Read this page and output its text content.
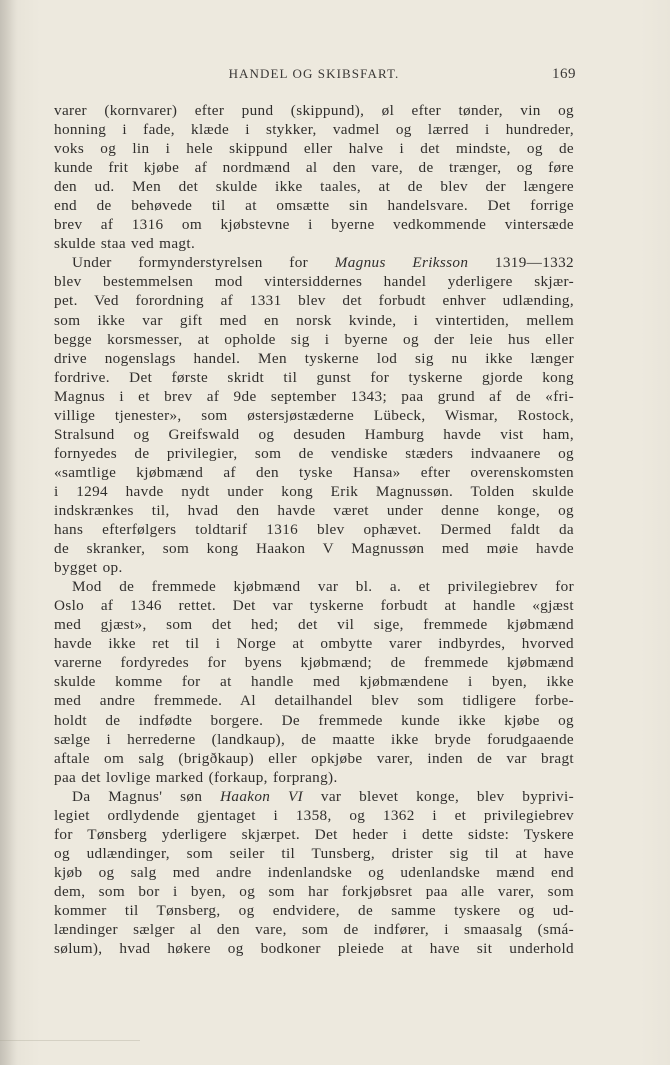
HANDEL OG SKIBSFART.	169
varer (kornvarer) efter pund (skippund), øl efter tønder, vin og
honning i fade, klæde i stykker, vadmel og lærred i hundreder,
voks og lin i hele skippund eller halve i det mindste, og de
kunde frit kjøbe af nordmænd al den vare, de trænger, og føre
den ud. Men det skulde ikke taales, at de blev der længere
end de behøvede til at omsætte sin handelsvare. Det forrige
brev af 1316 om kjøbstevne i byerne vedkommende vintersæde
skulde staa ved magt.
Under formynderstyrelsen for Magnus Eriksson 1319—1332
blev bestemmelsen mod vintersiddernes handel yderligere skjær-
pet. Ved forordning af 1331 blev det forbudt enhver udlænding,
som ikke var gift med en norsk kvinde, i vintertiden, mellem
begge korsmesser, at opholde sig i byerne og der leie hus eller
drive nogenslags handel. Men tyskerne lod sig nu ikke længer
fordrive. Det første skridt til gunst for tyskerne gjorde kong
Magnus i et brev af 9de september 1343; paa grund af de «fri-
villige tjenester», som østersjøstæderne Lübeck, Wismar, Rostock,
Stralsund og Greifswald og desuden Hamburg havde vist ham,
fornyedes de privilegier, som de vendiske stæders indvaanere og
«samtlige kjøbmænd af den tyske Hansa» efter overenskomsten
i 1294 havde nydt under kong Erik Magnussøn. Tolden skulde
indskrænkes til, hvad den havde været under denne konge, og
hans efterfølgers toldtarif 1316 blev ophævet. Dermed faldt da
de skranker, som kong Haakon V Magnussøn med møie havde
bygget op.
Mod de fremmede kjøbmænd var bl. a. et privilegiebrev for
Oslo af 1346 rettet. Det var tyskerne forbudt at handle «gjæst
med gjæst», som det hed; det vil sige, fremmede kjøbmænd
havde ikke ret til i Norge at ombytte varer indbyrdes, hvorved
varerne fordyredes for byens kjøbmænd; de fremmede kjøbmænd
skulde komme for at handle med kjøbmændene i byen, ikke
med andre fremmede. Al detailhandel blev som tidligere forbe-
holdt de indfødte borgere. De fremmede kunde ikke kjøbe og
sælge i herrederne (landkaup), de maatte ikke bryde forudgaaende
aftale om salg (brigðkaup) eller opkjøbe varer, inden de var bragt
paa det lovlige marked (forkaup, forprang).
Da Magnus' søn Haakon VI var blevet konge, blev byprivi-
legiet ordlydende gjentaget i 1358, og 1362 i et privilegiebrev
for Tønsberg yderligere skjærpet. Det heder i dette sidste: Tyskere
og udlændinger, som seiler til Tunsberg, drister sig til at have
kjøb og salg med andre indenlandske og udenlandske mænd end
dem, som bor i byen, og som har forkjøbsret paa alle varer, som
kommer til Tønsberg, og endvidere, de samme tyskere og ud-
lændinger sælger al den vare, som de indfører, i smaasalg (smá-
sølum), hvad høkere og bodkoner pleiede at have sit underhold
